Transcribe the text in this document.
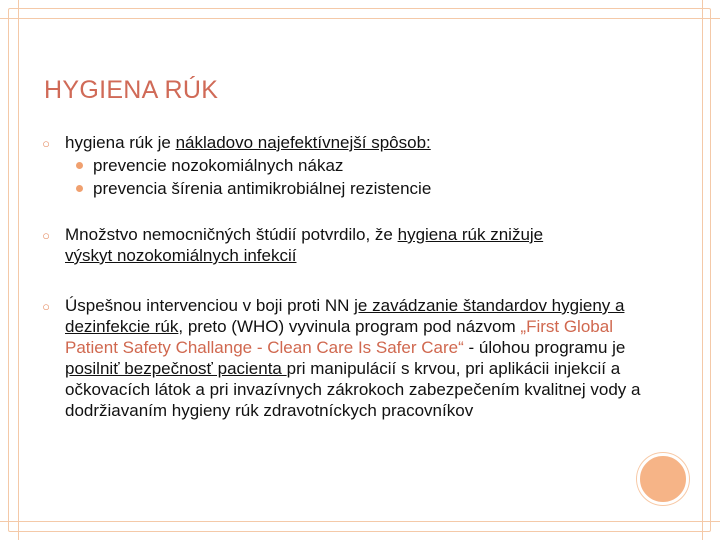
HYGIENA RÚK
○ hygiena rúk je nákladovo najefektívnejší spôsob:
prevencie nozokomiálnych nákaz
prevencia šírenia antimikrobiálnej rezistencie
○ Množstvo nemocničných štúdií potvrdilo, že hygiena rúk znižuje
výskyt nozokomiálnych infekcií
○ Úspešnou intervenciou v boji proti NN je zavádzanie štandardov hygieny a dezinfekcie rúk, preto (WHO) vyvinula program pod názvom „First Global Patient Safety Challange - Clean Care Is Safer Care“ - úlohou programu je posilniť bezpečnosť pacienta pri manipulácií s krvou, pri aplikácii injekcií a očkovacích látok a pri invazívnych zákrokoch zabezpečením kvalitnej vody a dodržiavaním hygieny rúk zdravotníckych pracovníkov
